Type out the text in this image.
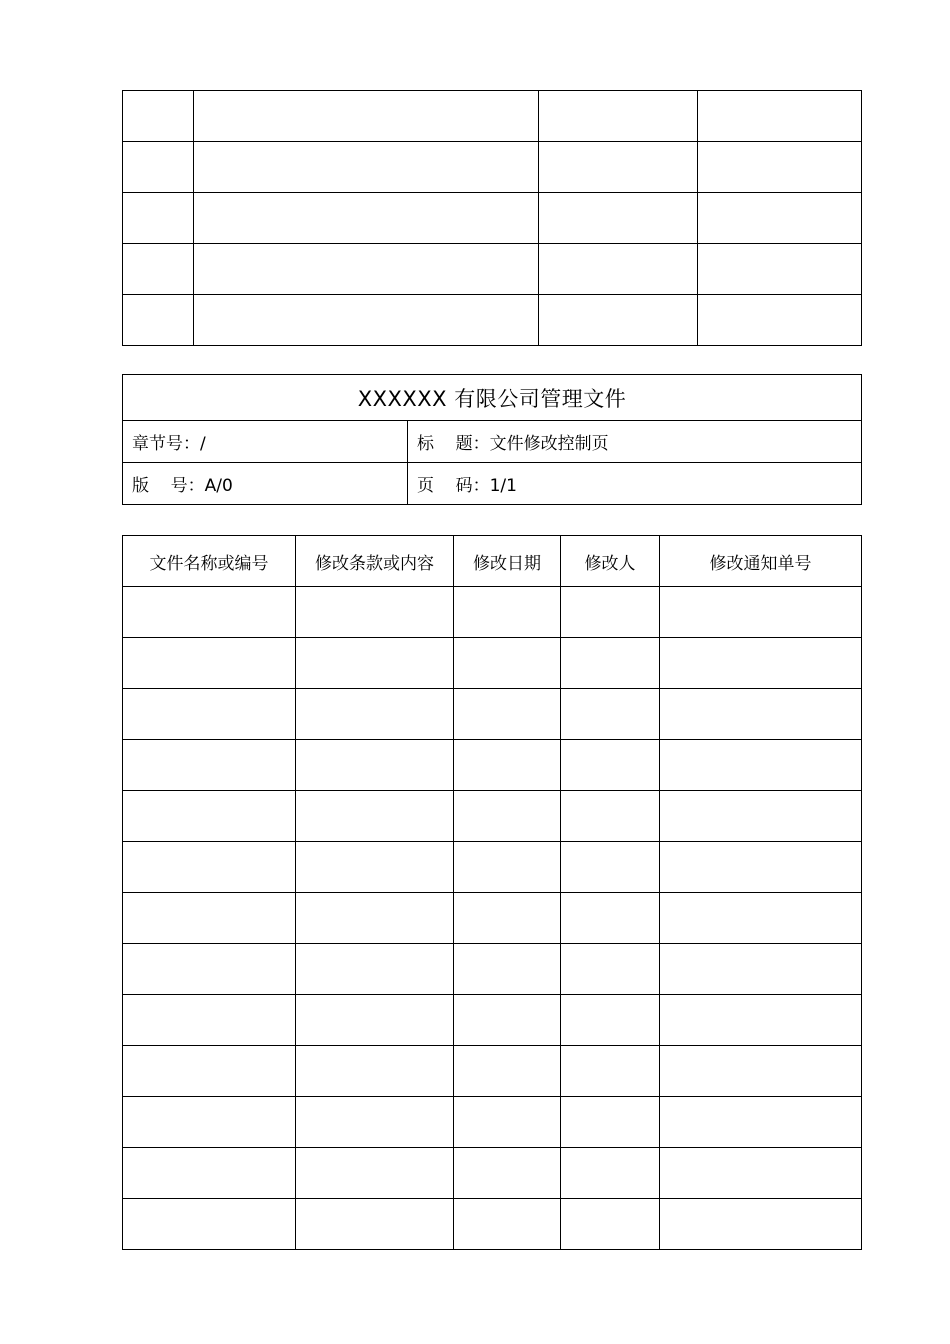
XXXXXX 有限公司管理文件	
章节号：/	标    题：文件修改控制页
版    号：A/0	页    码：1/1
文件名称或编号	修改条款或内容	修改日期	修改人	修改通知单号
